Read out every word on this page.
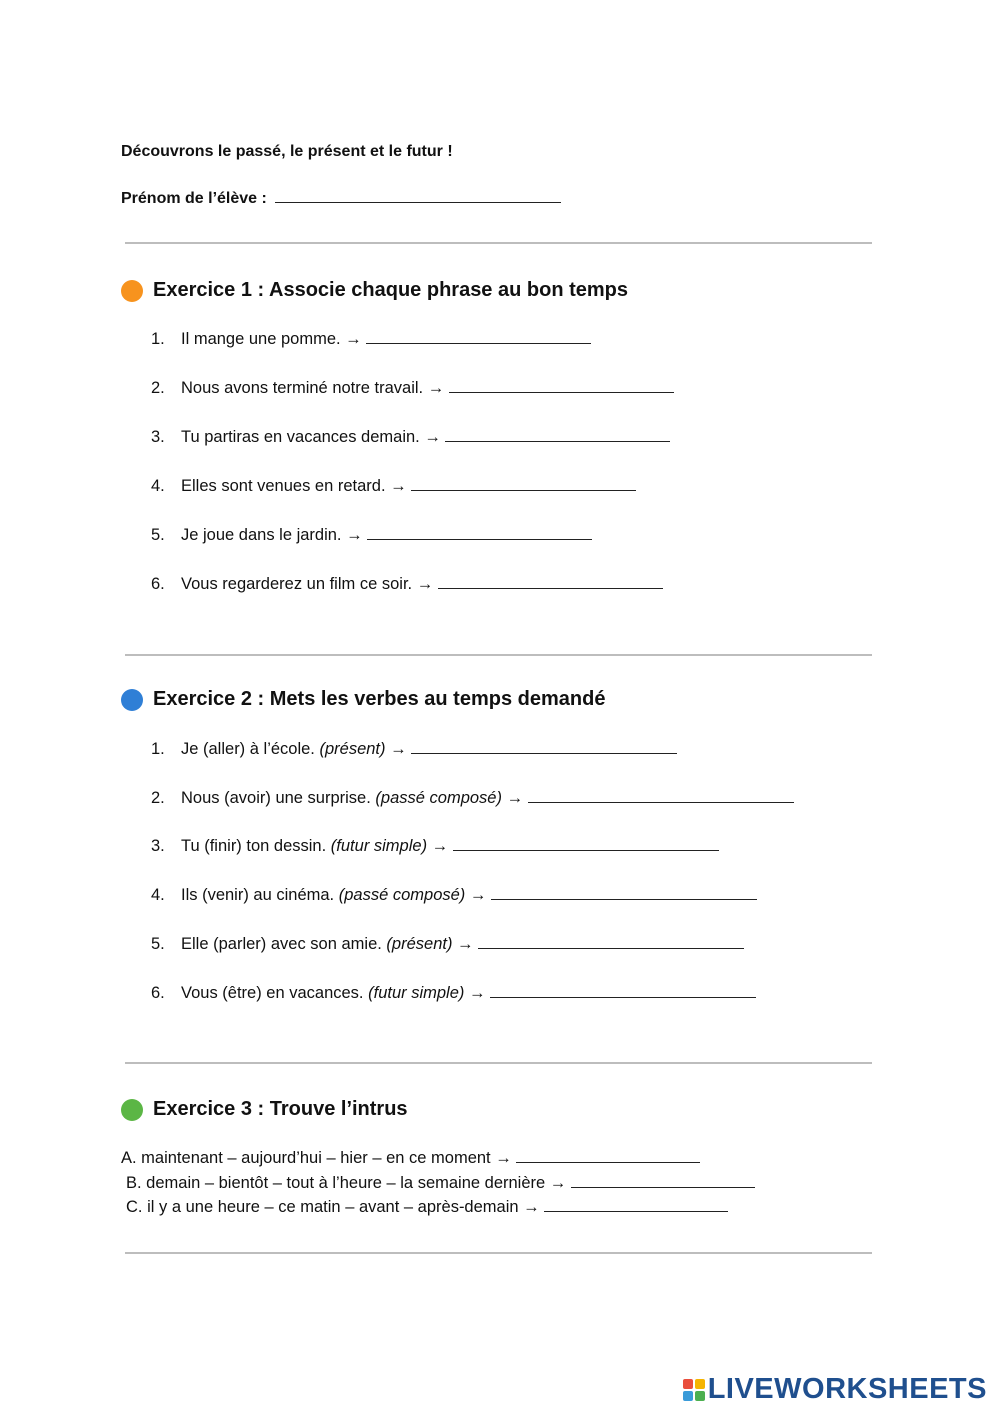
Découvrons le passé, le présent et le futur !
Prénom de l’élève :
Exercice 1 : Associe chaque phrase au bon temps
1. Il mange une pomme. →
2. Nous avons terminé notre travail. →
3. Tu partiras en vacances demain. →
4. Elles sont venues en retard. →
5. Je joue dans le jardin. →
6. Vous regarderez un film ce soir. →
Exercice 2 : Mets les verbes au temps demandé
1. Je (aller) à l’école. (présent) →
2. Nous (avoir) une surprise. (passé composé) →
3. Tu (finir) ton dessin. (futur simple) →
4. Ils (venir) au cinéma. (passé composé) →
5. Elle (parler) avec son amie. (présent) →
6. Vous (être) en vacances. (futur simple) →
Exercice 3 : Trouve l’intrus
A. maintenant – aujourd’hui – hier – en ce moment →
B. demain – bientôt – tout à l’heure – la semaine dernière →
C. il y a une heure – ce matin – avant – après-demain →
LIVEWORKSHEETS
